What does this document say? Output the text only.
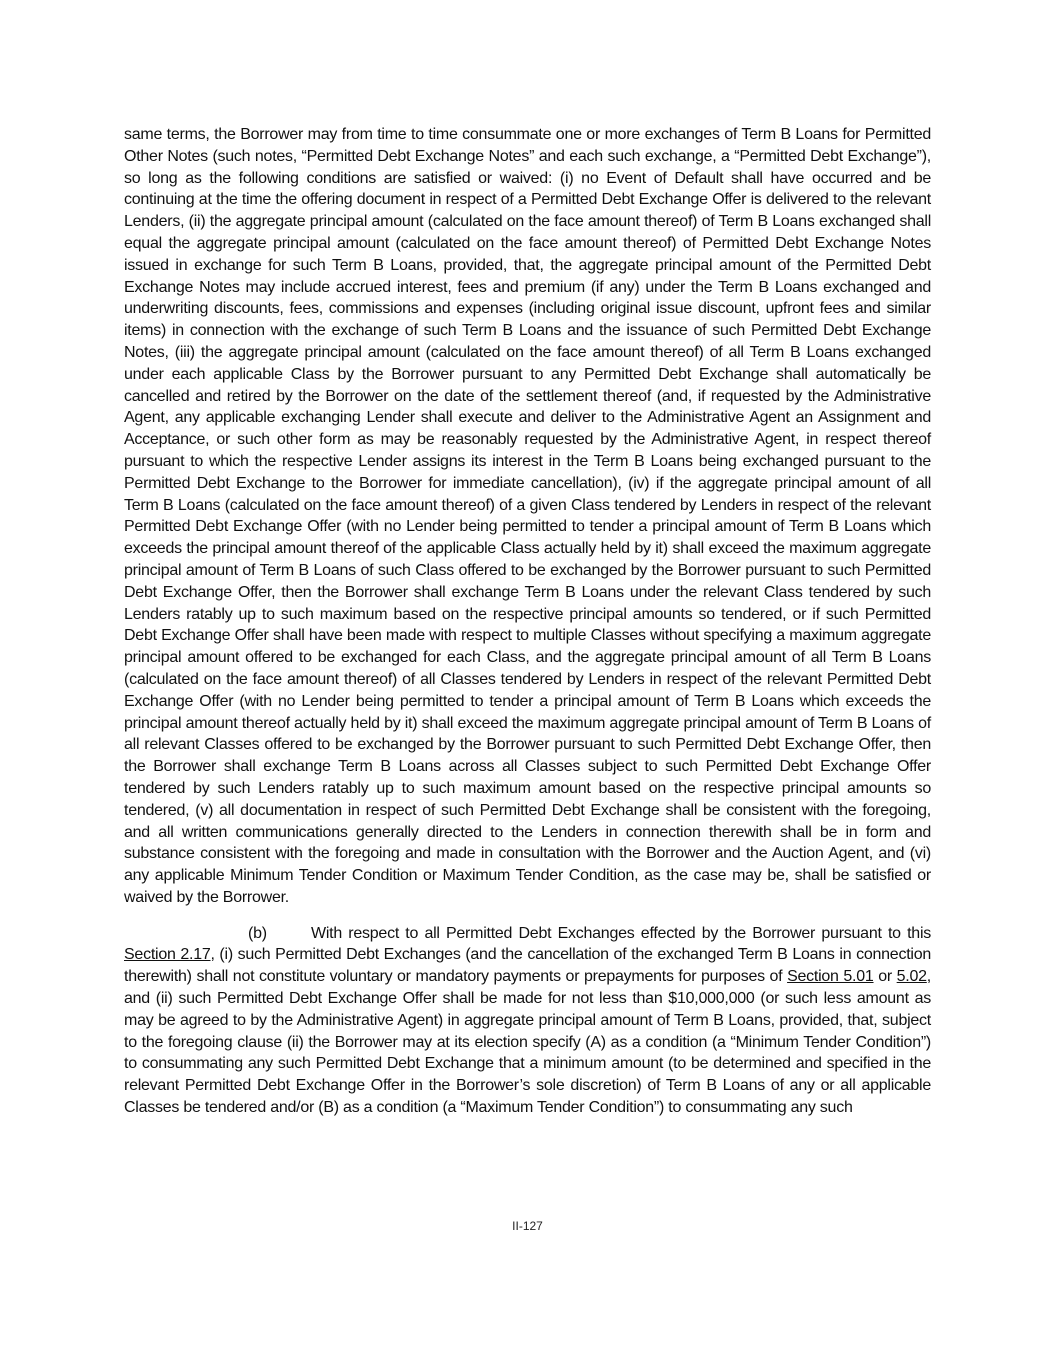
same terms, the Borrower may from time to time consummate one or more exchanges of Term B Loans for Permitted Other Notes (such notes, “Permitted Debt Exchange Notes” and each such exchange, a “Permitted Debt Exchange”), so long as the following conditions are satisfied or waived: (i) no Event of Default shall have occurred and be continuing at the time the offering document in respect of a Permitted Debt Exchange Offer is delivered to the relevant Lenders, (ii) the aggregate principal amount (calculated on the face amount thereof) of Term B Loans exchanged shall equal the aggregate principal amount (calculated on the face amount thereof) of Permitted Debt Exchange Notes issued in exchange for such Term B Loans, provided, that, the aggregate principal amount of the Permitted Debt Exchange Notes may include accrued interest, fees and premium (if any) under the Term B Loans exchanged and underwriting discounts, fees, commissions and expenses (including original issue discount, upfront fees and similar items) in connection with the exchange of such Term B Loans and the issuance of such Permitted Debt Exchange Notes, (iii) the aggregate principal amount (calculated on the face amount thereof) of all Term B Loans exchanged under each applicable Class by the Borrower pursuant to any Permitted Debt Exchange shall automatically be cancelled and retired by the Borrower on the date of the settlement thereof (and, if requested by the Administrative Agent, any applicable exchanging Lender shall execute and deliver to the Administrative Agent an Assignment and Acceptance, or such other form as may be reasonably requested by the Administrative Agent, in respect thereof pursuant to which the respective Lender assigns its interest in the Term B Loans being exchanged pursuant to the Permitted Debt Exchange to the Borrower for immediate cancellation), (iv) if the aggregate principal amount of all Term B Loans (calculated on the face amount thereof) of a given Class tendered by Lenders in respect of the relevant Permitted Debt Exchange Offer (with no Lender being permitted to tender a principal amount of Term B Loans which exceeds the principal amount thereof of the applicable Class actually held by it) shall exceed the maximum aggregate principal amount of Term B Loans of such Class offered to be exchanged by the Borrower pursuant to such Permitted Debt Exchange Offer, then the Borrower shall exchange Term B Loans under the relevant Class tendered by such Lenders ratably up to such maximum based on the respective principal amounts so tendered, or if such Permitted Debt Exchange Offer shall have been made with respect to multiple Classes without specifying a maximum aggregate principal amount offered to be exchanged for each Class, and the aggregate principal amount of all Term B Loans (calculated on the face amount thereof) of all Classes tendered by Lenders in respect of the relevant Permitted Debt Exchange Offer (with no Lender being permitted to tender a principal amount of Term B Loans which exceeds the principal amount thereof actually held by it) shall exceed the maximum aggregate principal amount of Term B Loans of all relevant Classes offered to be exchanged by the Borrower pursuant to such Permitted Debt Exchange Offer, then the Borrower shall exchange Term B Loans across all Classes subject to such Permitted Debt Exchange Offer tendered by such Lenders ratably up to such maximum amount based on the respective principal amounts so tendered, (v) all documentation in respect of such Permitted Debt Exchange shall be consistent with the foregoing, and all written communications generally directed to the Lenders in connection therewith shall be in form and substance consistent with the foregoing and made in consultation with the Borrower and the Auction Agent, and (vi) any applicable Minimum Tender Condition or Maximum Tender Condition, as the case may be, shall be satisfied or waived by the Borrower.

(b)	With respect to all Permitted Debt Exchanges effected by the Borrower pursuant to this Section 2.17, (i) such Permitted Debt Exchanges (and the cancellation of the exchanged Term B Loans in connection therewith) shall not constitute voluntary or mandatory payments or prepayments for purposes of Section 5.01 or 5.02, and (ii) such Permitted Debt Exchange Offer shall be made for not less than $10,000,000 (or such less amount as may be agreed to by the Administrative Agent) in aggregate principal amount of Term B Loans, provided, that, subject to the foregoing clause (ii) the Borrower may at its election specify (A) as a condition (a “Minimum Tender Condition”) to consummating any such Permitted Debt Exchange that a minimum amount (to be determined and specified in the relevant Permitted Debt Exchange Offer in the Borrower’s sole discretion) of Term B Loans of any or all applicable Classes be tendered and/or (B) as a condition (a “Maximum Tender Condition”) to consummating any such

II-127
